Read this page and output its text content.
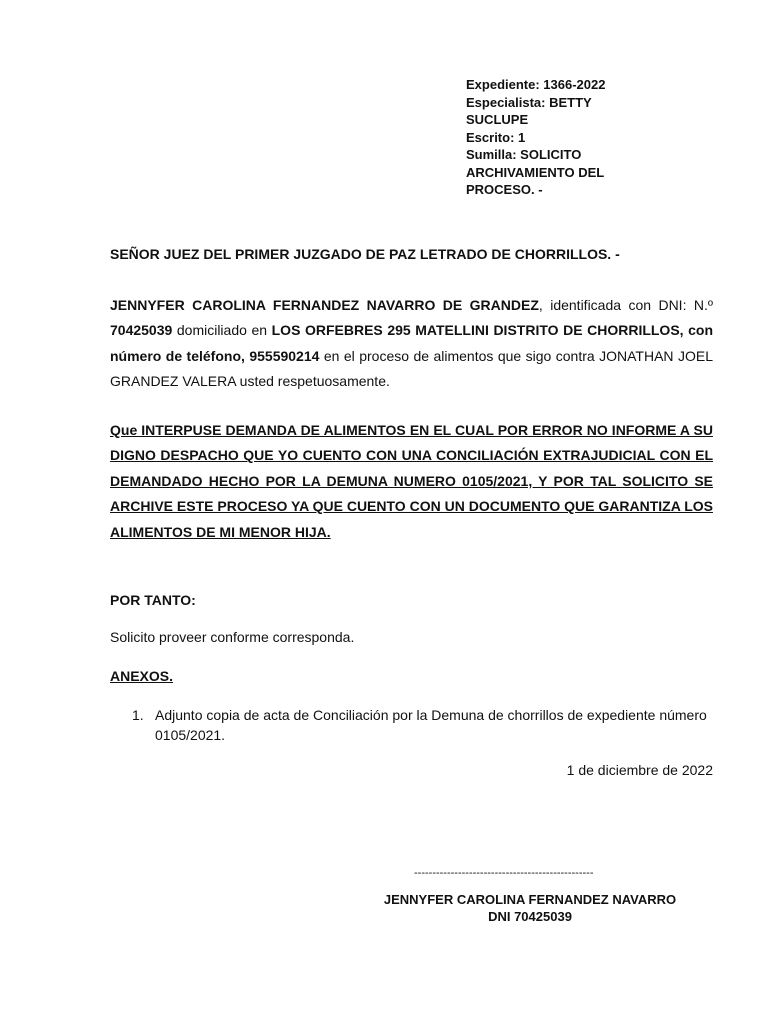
Expediente: 1366-2022
Especialista: BETTY
SUCLUPE
Escrito: 1
Sumilla: SOLICITO
ARCHIVAMIENTO DEL
PROCESO. -
SEÑOR JUEZ DEL PRIMER JUZGADO DE PAZ LETRADO DE CHORRILLOS. -
JENNYFER CAROLINA FERNANDEZ NAVARRO DE GRANDEZ, identificada con DNI: N.º 70425039 domiciliado en LOS ORFEBRES 295 MATELLINI DISTRITO DE CHORRILLOS, con número de teléfono, 955590214 en el proceso de alimentos que sigo contra JONATHAN JOEL GRANDEZ VALERA usted respetuosamente.
Que INTERPUSE DEMANDA DE ALIMENTOS EN EL CUAL POR ERROR NO INFORME A SU DIGNO DESPACHO QUE YO CUENTO CON UNA CONCILIACIÓN EXTRAJUDICIAL CON EL DEMANDADO HECHO POR LA DEMUNA NUMERO 0105/2021, Y POR TAL SOLICITO SE ARCHIVE ESTE PROCESO YA QUE CUENTO CON UN DOCUMENTO QUE GARANTIZA LOS ALIMENTOS DE MI MENOR HIJA.
POR TANTO:
Solicito proveer conforme corresponda.
ANEXOS.
1. Adjunto copia de acta de Conciliación por la Demuna de chorrillos de expediente número 0105/2021.
1 de diciembre de 2022
-------------------------------------------------
JENNYFER CAROLINA FERNANDEZ NAVARRO
DNI 70425039
